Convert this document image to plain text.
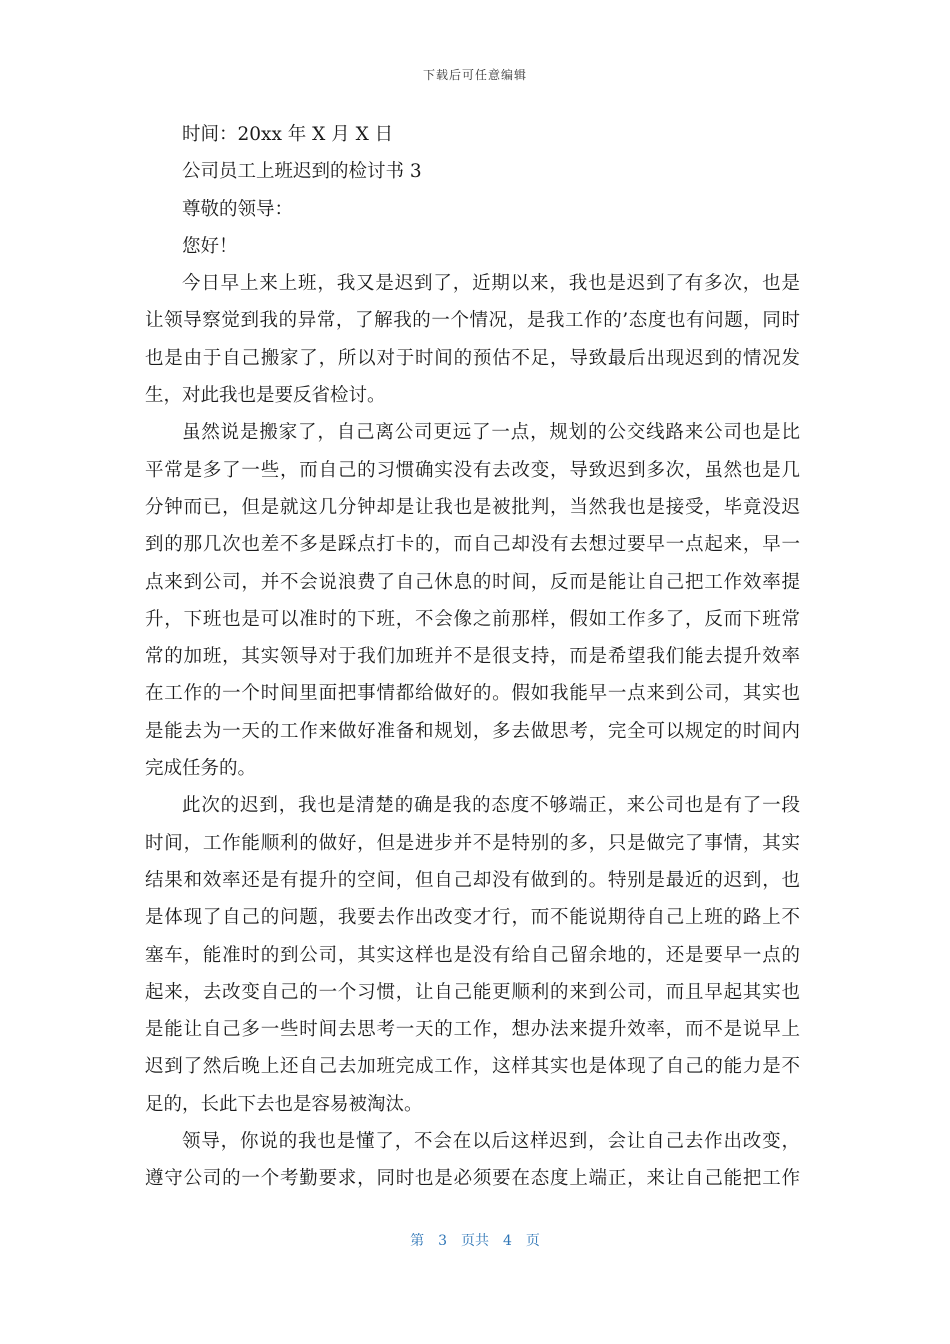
下载后可任意编辑
时间：20xx 年 X 月 X 日
公司员工上班迟到的检讨书 3
尊敬的领导：
您好！
今日早上来上班，我又是迟到了，近期以来，我也是迟到了有多次，也是
让领导察觉到我的异常，了解我的一个情况，是我工作的’态度也有问题，同时
也是由于自己搬家了，所以对于时间的预估不足，导致最后出现迟到的情况发
生，对此我也是要反省检讨。
虽然说是搬家了，自己离公司更远了一点，规划的公交线路来公司也是比
平常是多了一些，而自己的习惯确实没有去改变，导致迟到多次，虽然也是几
分钟而已，但是就这几分钟却是让我也是被批判，当然我也是接受，毕竟没迟
到的那几次也差不多是踩点打卡的，而自己却没有去想过要早一点起来，早一
点来到公司，并不会说浪费了自己休息的时间，反而是能让自己把工作效率提
升，下班也是可以准时的下班，不会像之前那样，假如工作多了，反而下班常
常的加班，其实领导对于我们加班并不是很支持，而是希望我们能去提升效率
在工作的一个时间里面把事情都给做好的。假如我能早一点来到公司，其实也
是能去为一天的工作来做好准备和规划，多去做思考，完全可以规定的时间内
完成任务的。
此次的迟到，我也是清楚的确是我的态度不够端正，来公司也是有了一段
时间，工作能顺利的做好，但是进步并不是特别的多，只是做完了事情，其实
结果和效率还是有提升的空间，但自己却没有做到的。特别是最近的迟到，也
是体现了自己的问题，我要去作出改变才行，而不能说期待自己上班的路上不
塞车，能准时的到公司，其实这样也是没有给自己留余地的，还是要早一点的
起来，去改变自己的一个习惯，让自己能更顺利的来到公司，而且早起其实也
是能让自己多一些时间去思考一天的工作，想办法来提升效率，而不是说早上
迟到了然后晚上还自己去加班完成工作，这样其实也是体现了自己的能力是不
足的，长此下去也是容易被淘汰。
领导，你说的我也是懂了，不会在以后这样迟到，会让自己去作出改变，
遵守公司的一个考勤要求，同时也是必须要在态度上端正，来让自己能把工作
第 3 页共 4 页
